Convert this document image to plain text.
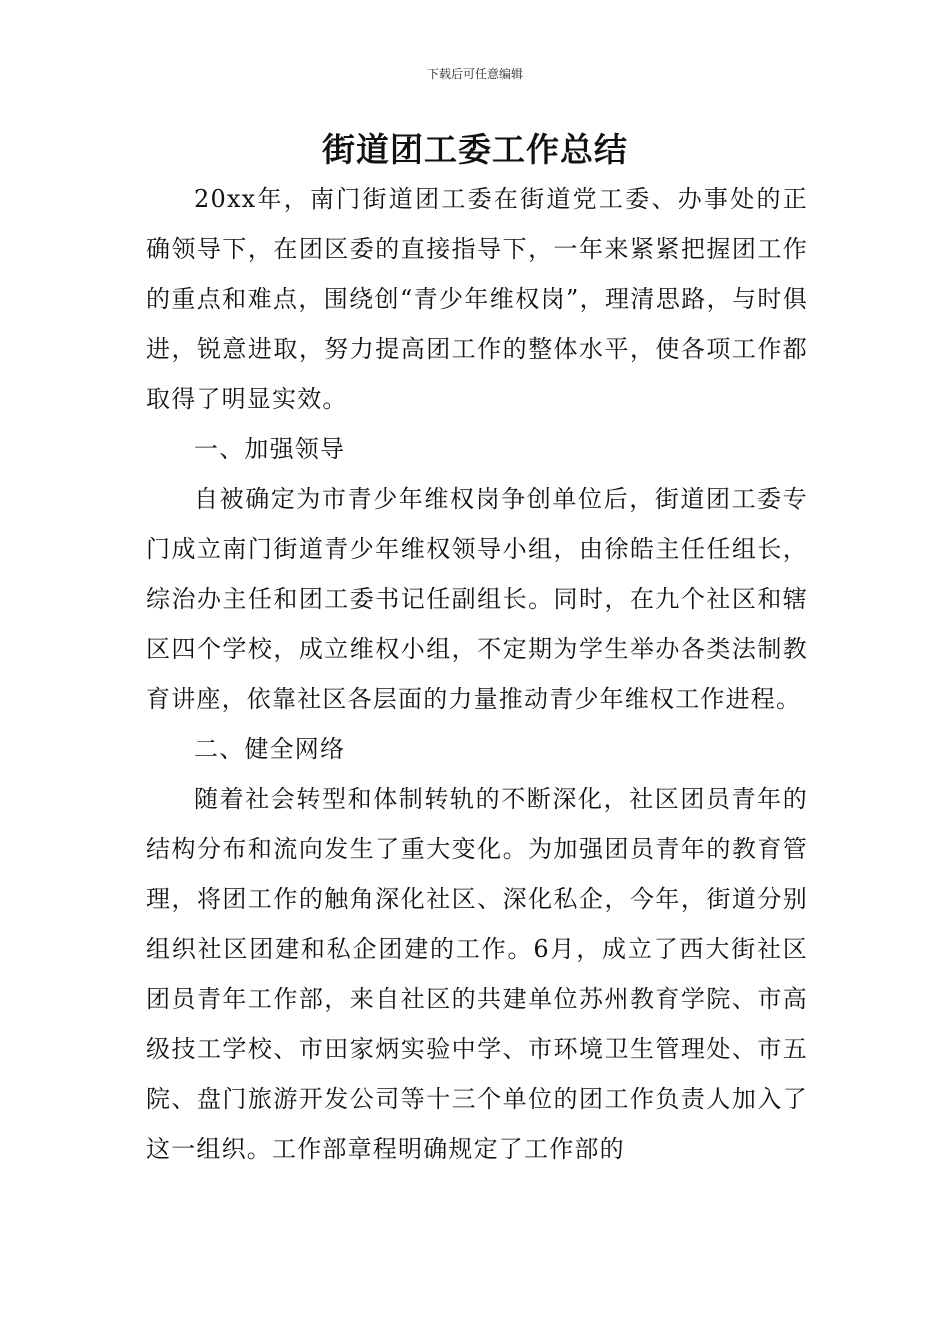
下载后可任意编辑
街道团工委工作总结

20xx年，南门街道团工委在街道党工委、办事处的正确领导下，在团区委的直接指导下，一年来紧紧把握团工作的重点和难点，围绕创“青少年维权岗”，理清思路，与时俱进，锐意进取，努力提高团工作的整体水平，使各项工作都取得了明显实效。

一、加强领导

自被确定为市青少年维权岗争创单位后，街道团工委专门成立南门街道青少年维权领导小组，由徐皓主任任组长，综治办主任和团工委书记任副组长。同时，在九个社区和辖区四个学校，成立维权小组，不定期为学生举办各类法制教育讲座，依靠社区各层面的力量推动青少年维权工作进程。

二、健全网络

随着社会转型和体制转轨的不断深化，社区团员青年的结构分布和流向发生了重大变化。为加强团员青年的教育管理，将团工作的触角深化社区、深化私企，今年，街道分别组织社区团建和私企团建的工作。6月，成立了西大街社区团员青年工作部，来自社区的共建单位苏州教育学院、市高级技工学校、市田家炳实验中学、市环境卫生管理处、市五院、盘门旅游开发公司等十三个单位的团工作负责人加入了这一组织。工作部章程明确规定了工作部的
